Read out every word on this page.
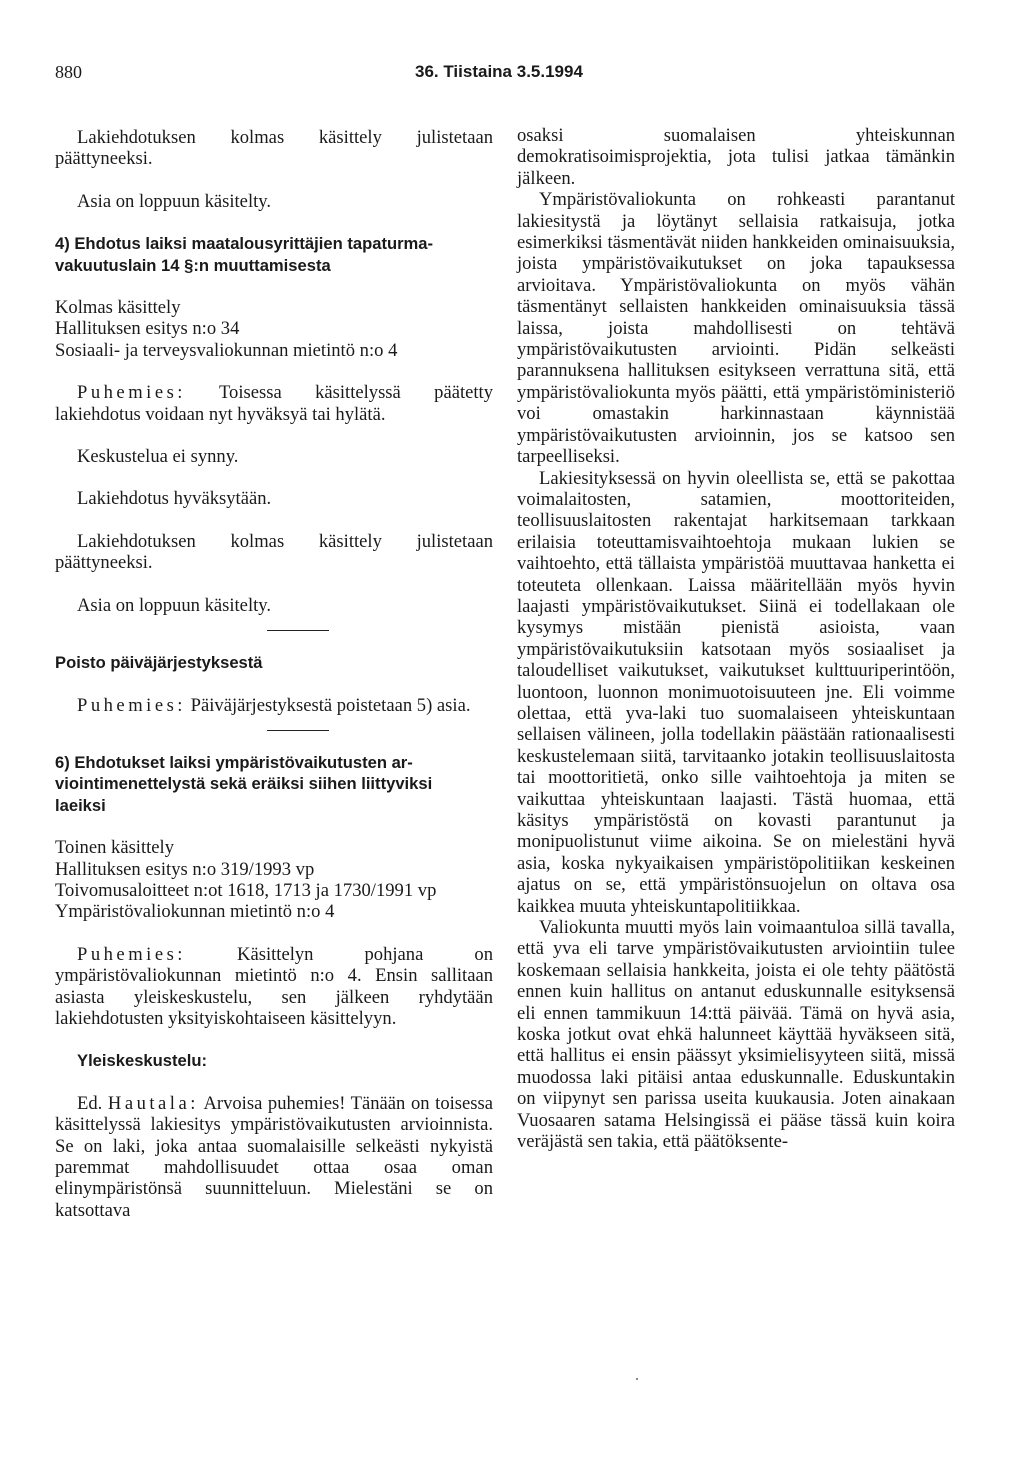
880	36. Tiistaina 3.5.1994

Lakiehdotuksen kolmas käsittely julistetaan päättyneeksi.

Asia on loppuun käsitelty.

4) Ehdotus laiksi maatalousyrittäjien tapaturma-
vakuutuslain 14 §:n muuttamisesta

Kolmas käsittely
Hallituksen esitys n:o 34
Sosiaali- ja terveysvaliokunnan mietintö n:o 4

Puhemies: Toisessa käsittelyssä päätetty lakiehdotus voidaan nyt hyväksyä tai hylätä.

Keskustelua ei synny.

Lakiehdotus hyväksytään.

Lakiehdotuksen kolmas käsittely julistetaan päättyneeksi.

Asia on loppuun käsitelty.

Poisto päiväjärjestyksestä

Puhemies: Päiväjärjestyksestä poistetaan 5) asia.

6) Ehdotukset laiksi ympäristövaikutusten ar-
viointimenettelystä sekä eräiksi siihen liittyviksi
laeiksi

Toinen käsittely
Hallituksen esitys n:o 319/1993 vp
Toivomusaloitteet n:ot 1618, 1713 ja 1730/1991 vp
Ympäristövaliokunnan mietintö n:o 4

Puhemies: Käsittelyn pohjana on ympäristövaliokunnan mietintö n:o 4. Ensin sallitaan asiasta yleiskeskustelu, sen jälkeen ryhdytään lakiehdotusten yksityiskohtaiseen käsittelyyn.

Yleiskeskustelu:

Ed. Hautala: Arvoisa puhemies! Tänään on toisessa käsittelyssä lakiesitys ympäristövaikutusten arvioinnista. Se on laki, joka antaa suomalaisille selkeästi nykyistä paremmat mahdollisuudet ottaa osaa oman elinympäristönsä suunnitteluun. Mielestäni se on katsottava

osaksi suomalaisen yhteiskunnan demokratisoimisprojektia, jota tulisi jatkaa tämänkin jälkeen.

Ympäristövaliokunta on rohkeasti parantanut lakiesitystä ja löytänyt sellaisia ratkaisuja, jotka esimerkiksi täsmentävät niiden hankkeiden ominaisuuksia, joista ympäristövaikutukset on joka tapauksessa arvioitava. Ympäristövaliokunta on myös vähän täsmentänyt sellaisten hankkeiden ominaisuuksia tässä laissa, joista mahdollisesti on tehtävä ympäristövaikutusten arviointi. Pidän selkeästi parannuksena hallituksen esitykseen verrattuna sitä, että ympäristövaliokunta myös päätti, että ympäristöministeriö voi omastakin harkinnastaan käynnistää ympäristövaikutusten arvioinnin, jos se katsoo sen tarpeelliseksi.

Lakiesityksessä on hyvin oleellista se, että se pakottaa voimalaitosten, satamien, moottoriteiden, teollisuuslaitosten rakentajat harkitsemaan tarkkaan erilaisia toteuttamisvaihtoehtoja mukaan lukien se vaihtoehto, että tällaista ympäristöä muuttavaa hanketta ei toteuteta ollenkaan. Laissa määritellään myös hyvin laajasti ympäristövaikutukset. Siinä ei todellakaan ole kysymys mistään pienistä asioista, vaan ympäristövaikutuksiin katsotaan myös sosiaaliset ja taloudelliset vaikutukset, vaikutukset kulttuuriperintöön, luontoon, luonnon monimuotoisuuteen jne. Eli voimme olettaa, että yva-laki tuo suomalaiseen yhteiskuntaan sellaisen välineen, jolla todellakin päästään rationaalisesti keskustelemaan siitä, tarvitaanko jotakin teollisuuslaitosta tai moottoritietä, onko sille vaihtoehtoja ja miten se vaikuttaa yhteiskuntaan laajasti. Tästä huomaa, että käsitys ympäristöstä on kovasti parantunut ja monipuolistunut viime aikoina. Se on mielestäni hyvä asia, koska nykyaikaisen ympäristöpolitiikan keskeinen ajatus on se, että ympäristönsuojelun on oltava osa kaikkea muuta yhteiskuntapolitiikkaa.

Valiokunta muutti myös lain voimaantuloa sillä tavalla, että yva eli tarve ympäristövaikutusten arviointiin tulee koskemaan sellaisia hankkeita, joista ei ole tehty päätöstä ennen kuin hallitus on antanut eduskunnalle esityksensä eli ennen tammikuun 14:ttä päivää. Tämä on hyvä asia, koska jotkut ovat ehkä halunneet käyttää hyväkseen sitä, että hallitus ei ensin päässyt yksimielisyyteen siitä, missä muodossa laki pitäisi antaa eduskunnalle. Eduskuntakin on viipynyt sen parissa useita kuukausia. Joten ainakaan Vuosaaren satama Helsingissä ei pääse tässä kuin koira veräjästä sen takia, että päätöksente-
